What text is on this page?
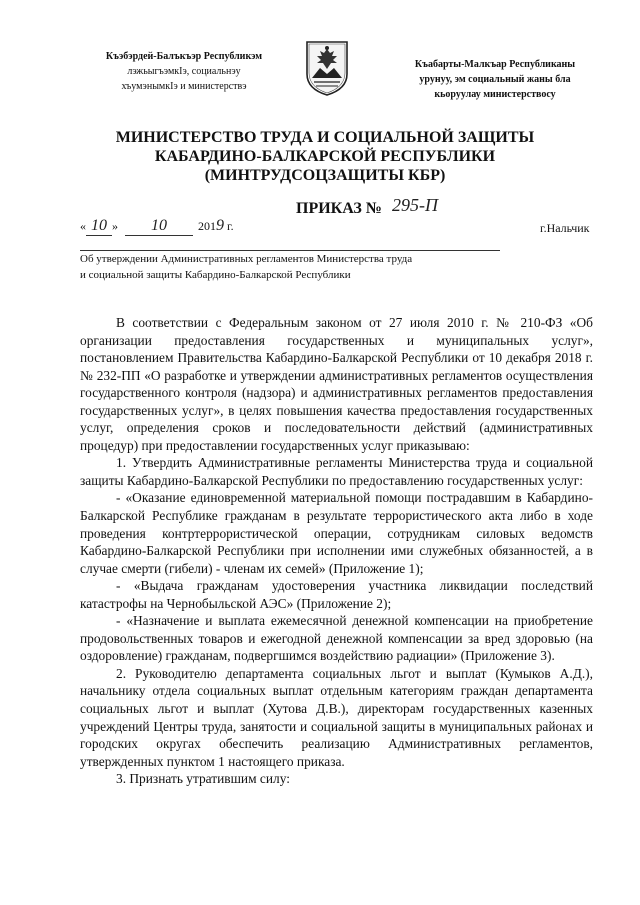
Къэбэрдей-Балъкъэр Республикэм
лэжьыгъэмкIэ, социальнэу
хъумэнымкIэ и министерствэ
Къабарты-Малкъар Республиканы
урунуу, эм социальный жаны бла
кьоруулау министерствосу
МИНИСТЕРСТВО ТРУДА И СОЦИАЛЬНОЙ ЗАЩИТЫ
КАБАРДИНО-БАЛКАРСКОЙ РЕСПУБЛИКИ
(МИНТРУДСОЦЗАЩИТЫ КБР)
ПРИКАЗ № 295-П
« 10 » 10	2019 г.	г.Нальчик
Об утверждении Административных регламентов Министерства труда
и социальной защиты Кабардино-Балкарской Республики

В соответствии с Федеральным законом от 27 июля 2010 г. № 210-ФЗ «Об организации предоставления государственных и муниципальных услуг», постановлением Правительства Кабардино-Балкарской Республики от 10 декабря 2018 г. № 232-ПП «О разработке и утверждении административных регламентов осуществления государственного контроля (надзора) и административных регламентов предоставления государственных услуг», в целях повышения качества предоставления государственных услуг, определения сроков и последовательности действий (административных процедур) при предоставлении государственных услуг приказываю:

1. Утвердить Административные регламенты Министерства труда и социальной защиты Кабардино-Балкарской Республики по предоставлению государственных услуг:

- «Оказание единовременной материальной помощи пострадавшим в Кабардино-Балкарской Республике гражданам в результате террористического акта либо в ходе проведения контртеррористической операции, сотрудникам силовых ведомств Кабардино-Балкарской Республики при исполнении ими служебных обязанностей, а в случае смерти (гибели) - членам их семей» (Приложение 1);

- «Выдача гражданам удостоверения участника ликвидации последствий катастрофы на Чернобыльской АЭС» (Приложение 2);

- «Назначение и выплата ежемесячной денежной компенсации на приобретение продовольственных товаров и ежегодной денежной компенсации за вред здоровью (на оздоровление) гражданам, подвергшимся воздействию радиации» (Приложение 3).

2. Руководителю департамента социальных льгот и выплат (Кумыков А.Д.), начальнику отдела социальных выплат отдельным категориям граждан департамента социальных льгот и выплат (Хутова Д.В.), директорам государственных казенных учреждений Центры труда, занятости и социальной защиты в муниципальных районах и городских округах обеспечить реализацию Административных регламентов, утвержденных пунктом 1 настоящего приказа.

3. Признать утратившим силу:
